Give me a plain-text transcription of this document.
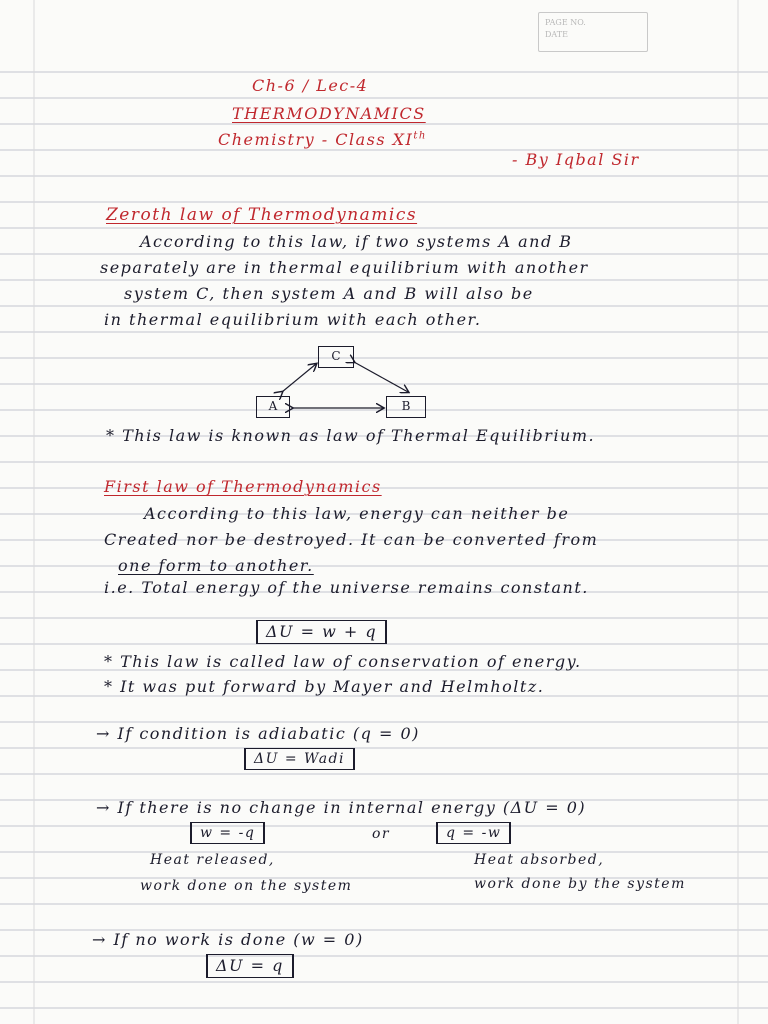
PAGE NO.
DATE
Ch-6 / Lec-4
THERMODYNAMICS
Chemistry - Class XIth
- By Iqbal Sir
Zeroth law of Thermodynamics
According to this law, if two systems A and B
separately are in thermal equilibrium with another
system C, then system A and B will also be
in thermal equilibrium with each other.
C
A	B
* This law is known as law of Thermal Equilibrium.
First law of Thermodynamics
According to this law, energy can neither be
Created nor be destroyed. It can be converted from
one form to another.
i.e. Total energy of the universe remains constant.
ΔU = w + q
* This law is called law of conservation of energy.
* It was put forward by Mayer and Helmholtz.
→ If condition is adiabatic (q = 0)
ΔU = Wadi
→ If there is no change in internal energy (ΔU = 0)
w = -q	or	q = -w
Heat released,	Heat absorbed,
work done on the system	work done by the system
→ If no work is done (w = 0)
ΔU = q
